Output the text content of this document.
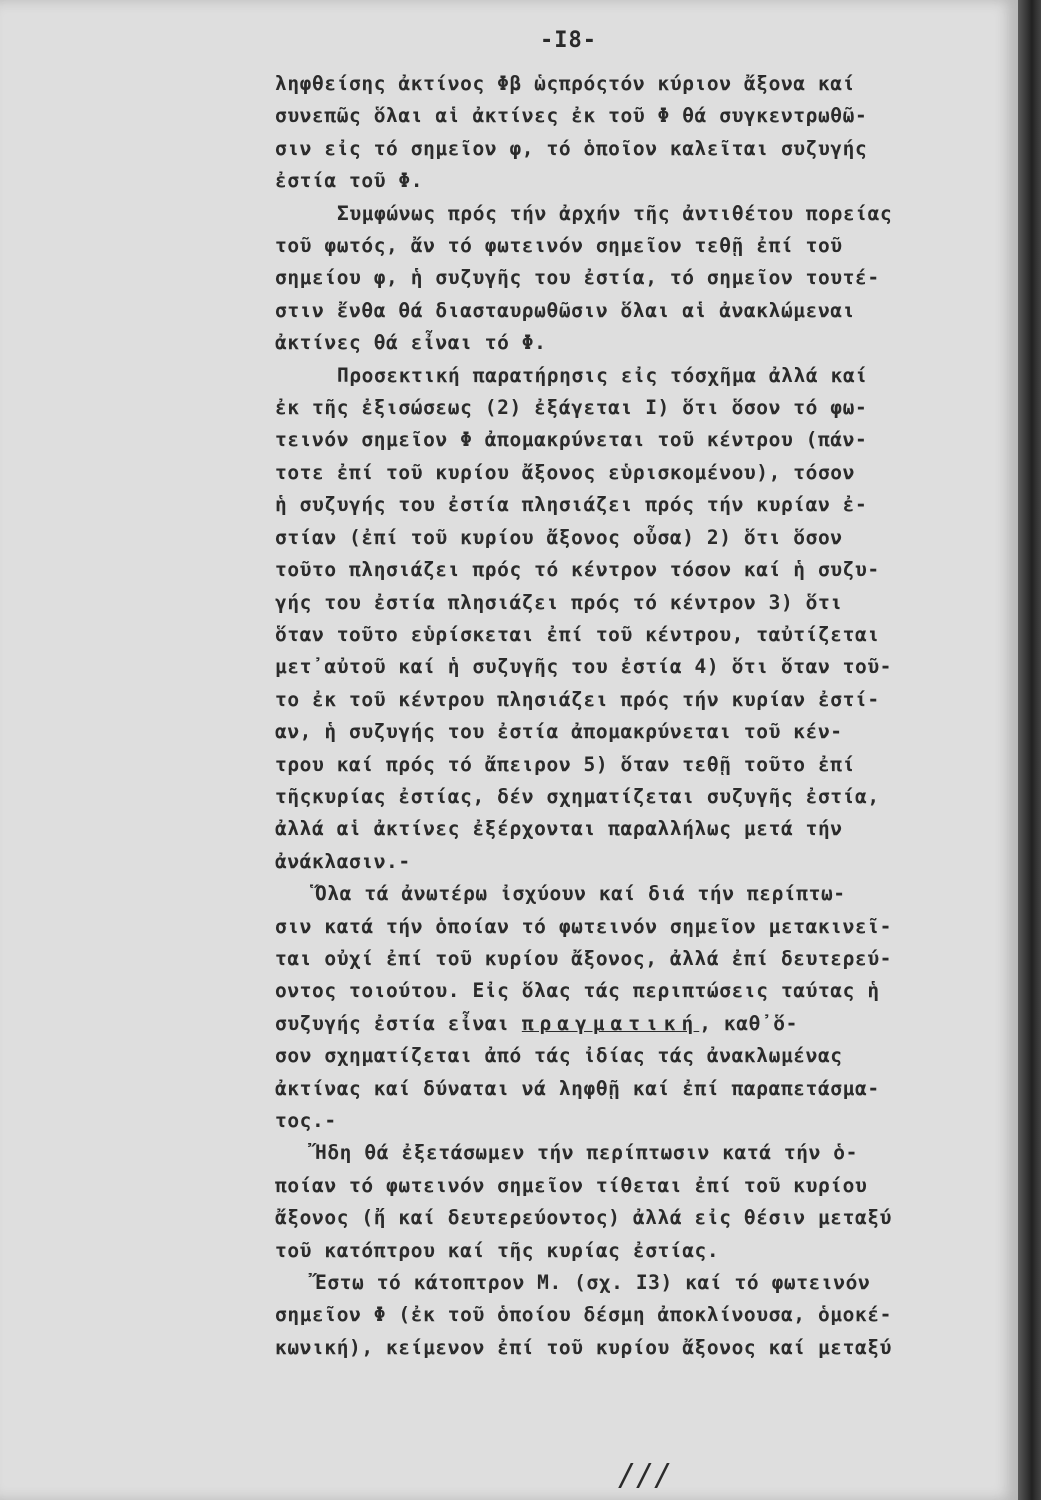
-I8-
ληφθείσης ἀκτίνος Φβ ὡςπρόςτόν κύριον ἄξονα καί
συνεπῶς ὅλαι αἱ ἀκτίνες ἐκ τοῦ Φ θά συγκεντρωθῶ-
σιν εἰς τό σημεῖον φ, τό ὁποῖον καλεῖται συζυγής
ἐστία τοῦ Φ.
Συμφώνως πρός τήν ἀρχήν τῆς ἀντιθέτου πορείας
τοῦ φωτός, ἄν τό φωτεινόν σημεῖον τεθῇ ἐπί τοῦ
σημείου φ, ἡ συζυγῆς του ἐστία, τό σημεῖον τουτέ-
στιν ἔνθα θά διασταυρωθῶσιν ὅλαι αἱ ἀνακλώμεναι
ἀκτίνες θά εἶναι τό Φ.
Προσεκτική παρατήρησις εἰς τόσχῆμα ἀλλά καί
ἐκ τῆς ἐξισώσεως (2) ἐξάγεται Ι) ὅτι ὅσον τό φω-
τεινόν σημεῖον Φ ἀπομακρύνεται τοῦ κέντρου (πάν-
τοτε ἐπί τοῦ κυρίου ἄξονος εὑρισκομένου), τόσον
ἡ συζυγής του ἐστία πλησιάζει πρός τήν κυρίαν ἐ-
στίαν (ἐπί τοῦ κυρίου ἄξονος οὖσα) 2) ὅτι ὅσον
τοῦτο πλησιάζει πρός τό κέντρον τόσον καί ἡ συζυ-
γής του ἐστία πλησιάζει πρός τό κέντρον 3) ὅτι
ὅταν τοῦτο εὑρίσκεται ἐπί τοῦ κέντρου, ταὐτίζεται
μετ᾽αὐτοῦ καί ἡ συζυγῆς του ἐστία 4) ὅτι ὅταν τοῦ-
το ἐκ τοῦ κέντρου πλησιάζει πρός τήν κυρίαν ἐστί-
αν, ἡ συζυγής του ἐστία ἀπομακρύνεται τοῦ κέν-
τρου καί πρός τό ἄπειρον 5) ὅταν τεθῇ τοῦτο ἐπί
τῆςκυρίας ἐστίας, δέν σχηματίζεται συζυγῆς ἐστία,
ἀλλά αἱ ἀκτίνες ἐξέρχονται παραλλήλως μετά τήν
ἀνάκλασιν.-
Ὅλα τά ἀνωτέρω ἰσχύουν καί διά τήν περίπτω-
σιν κατά τήν ὁποίαν τό φωτεινόν σημεῖον μετακινεῖ-
ται οὐχί ἐπί τοῦ κυρίου ἄξονος, ἀλλά ἐπί δευτερεύ-
οντος τοιούτου. Εἰς ὅλας τάς περιπτώσεις ταύτας ἡ
συζυγής ἐστία εἶναι πραγματική, καθ᾽ὅ-
σον σχηματίζεται ἀπό τάς ἰδίας τάς ἀνακλωμένας
ἀκτίνας καί δύναται νά ληφθῇ καί ἐπί παραπετάσμα-
τος.-
Ἤδη θά ἐξετάσωμεν τήν περίπτωσιν κατά τήν ὁ-
ποίαν τό φωτεινόν σημεῖον τίθεται ἐπί τοῦ κυρίου
ἄξονος (ἤ καί δευτερεύοντος) ἀλλά εἰς θέσιν μεταξύ
τοῦ κατόπτρου καί τῆς κυρίας ἐστίας.
Ἔστω τό κάτοπτρον Μ. (σχ. Ι3) καί τό φωτεινόν
σημεῖον Φ (ἐκ τοῦ ὁποίου δέσμη ἀποκλίνουσα, ὁμοκέ-
κωνική), κείμενον ἐπί τοῦ κυρίου ἄξονος καί μεταξύ
///
